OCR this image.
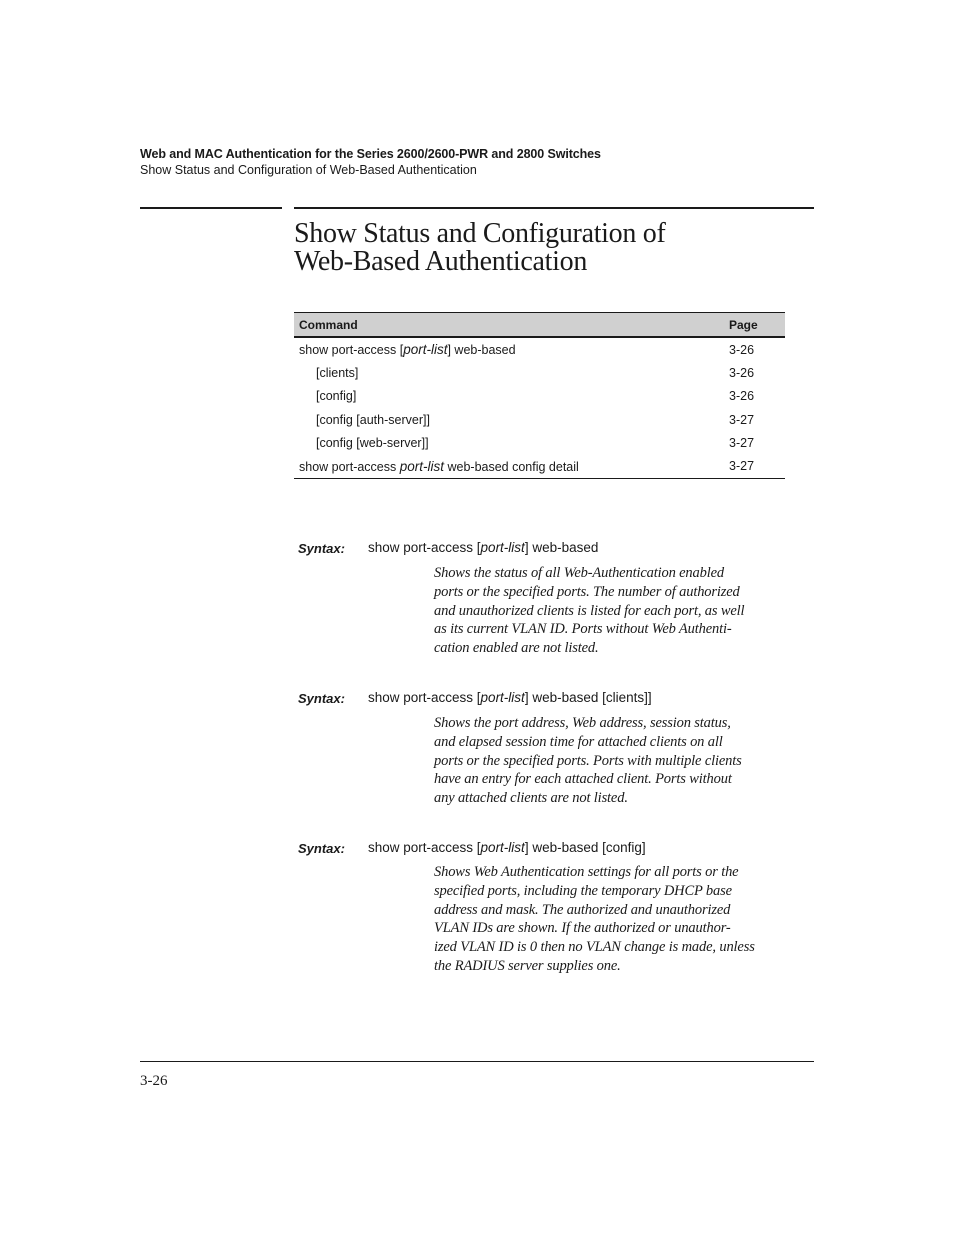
Web and MAC Authentication for the Series 2600/2600-PWR and 2800 Switches
Show Status and Configuration of Web-Based Authentication
Show Status and Configuration of
Web-Based Authentication
Command	Page
show port-access [port-list] web-based	3-26
[clients]	3-26
[config]	3-26
[config [auth-server]]	3-27
[config [web-server]]	3-27
show port-access port-list web-based config detail	3-27
Syntax: show port-access [port-list] web-based
Shows the status of all Web-Authentication enabled
ports or the specified ports. The number of authorized
and unauthorized clients is listed for each port, as well
as its current VLAN ID. Ports without Web Authenti-
cation enabled are not listed.
Syntax: show port-access [port-list] web-based [clients]]
Shows the port address, Web address, session status,
and elapsed session time for attached clients on all
ports or the specified ports. Ports with multiple clients
have an entry for each attached client. Ports without
any attached clients are not listed.
Syntax: show port-access [port-list] web-based [config]
Shows Web Authentication settings for all ports or the
specified ports, including the temporary DHCP base
address and mask. The authorized and unauthorized
VLAN IDs are shown. If the authorized or unauthor-
ized VLAN ID is 0 then no VLAN change is made, unless
the RADIUS server supplies one.
3-26
